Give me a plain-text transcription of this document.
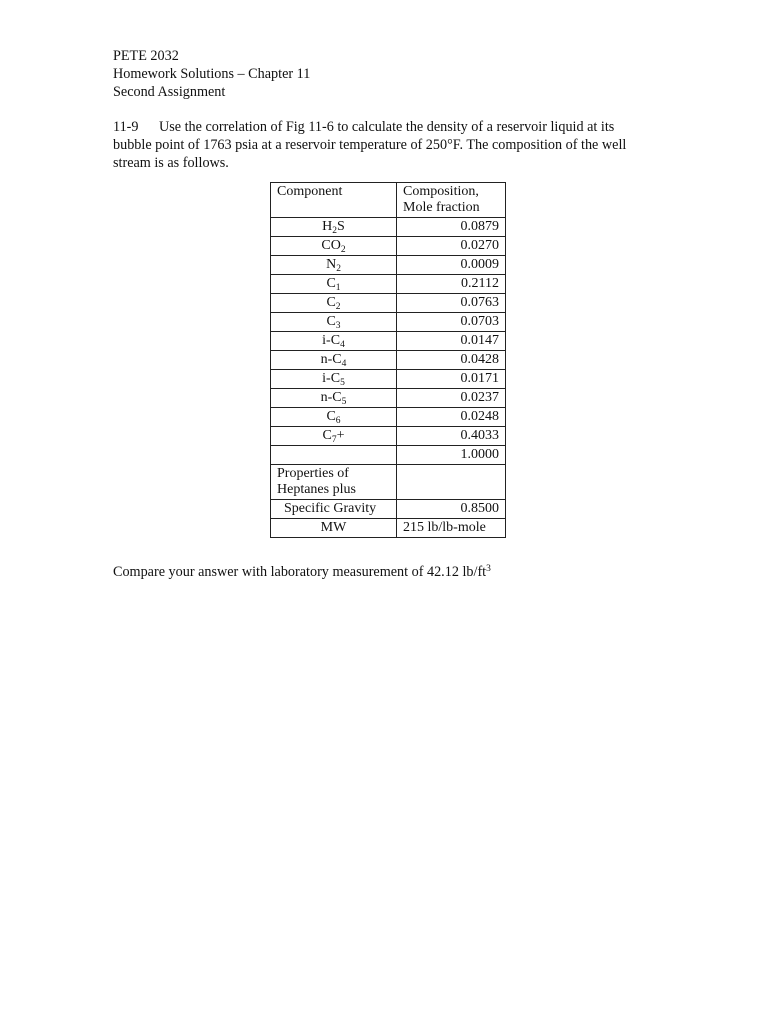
PETE 2032
Homework Solutions – Chapter 11
Second Assignment
11-9 Use the correlation of Fig 11-6 to calculate the density of a reservoir liquid at its bubble point of 1763 psia at a reservoir temperature of 250°F. The composition of the well stream is as follows.
Component	Composition,
Mole fraction

$H_2S$	0.0879
$CO_2$	0.0270
$N_2$	0.0009
$C_1$	0.2112
$C_2$	0.0763
$C_3$	0.0703
$i-C_4$	0.0147
$n-C_4$	0.0428
$i-C_5$	0.0171
$n-C_5$	0.0237
$C_6$	0.0248
$C_7+$	0.4033
	1.0000

Properties of
Heptanes plus	

Specific Gravity	0.8500
MW	215 lb/lb-mole
Compare your answer with laboratory measurement of 42.12 $lb/ft^3$
